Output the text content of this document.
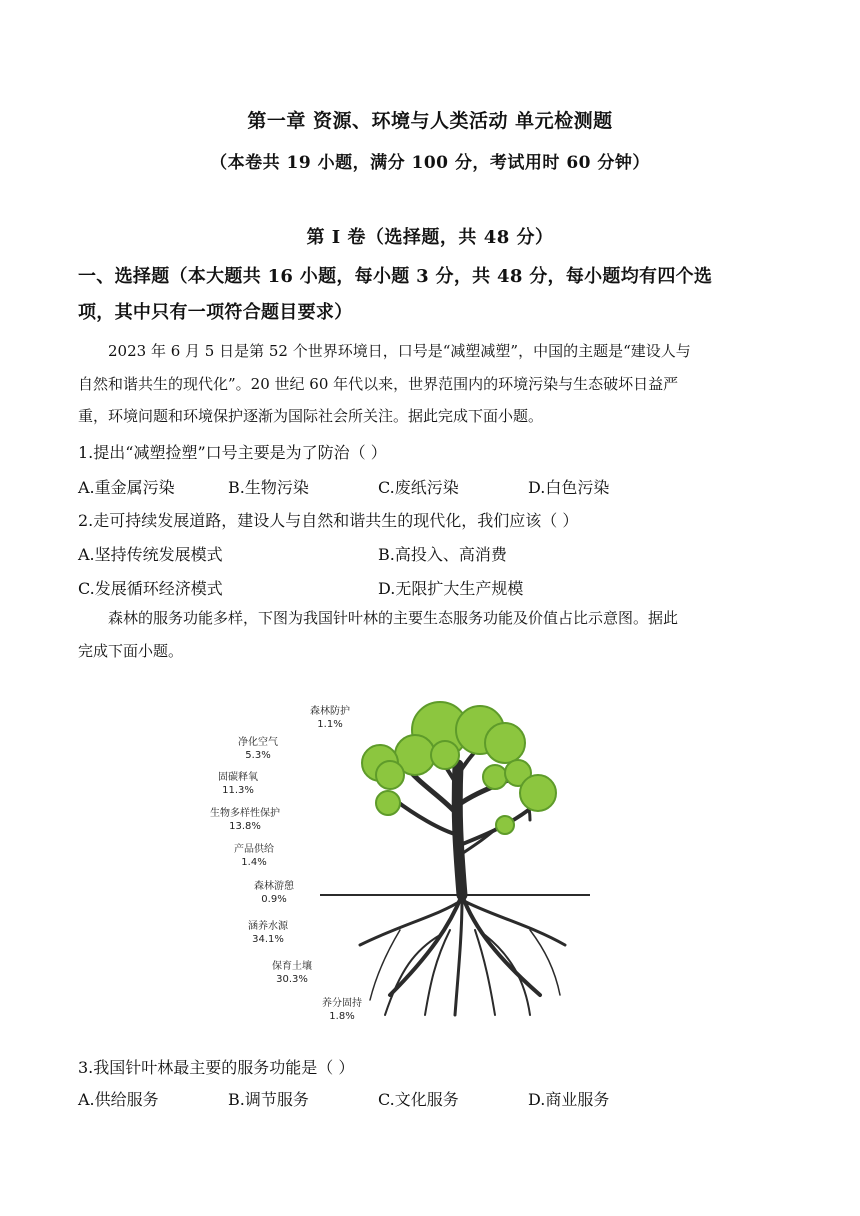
第一章 资源、环境与人类活动 单元检测题
（本卷共 19 小题，满分 100 分，考试用时 60 分钟）
第 I 卷（选择题，共 48 分）
一、选择题（本大题共 16 小题，每小题 3 分，共 48 分，每小题均有四个选
项，其中只有一项符合题目要求）
2023 年 6 月 5 日是第 52 个世界环境日，口号是“减塑减塑”，中国的主题是“建设人与
自然和谐共生的现代化”。20 世纪 60 年代以来，世界范围内的环境污染与生态破坏日益严
重，环境问题和环境保护逐渐为国际社会所关注。据此完成下面小题。
1.提出“减塑捡塑”口号主要是为了防治（ ）
A.重金属污染	B.生物污染	C.废纸污染	D.白色污染
2.走可持续发展道路，建设人与自然和谐共生的现代化，我们应该（ ）
A.坚持传统发展模式	B.高投入、高消费
C.发展循环经济模式	D.无限扩大生产规模
森林的服务功能多样，下图为我国针叶林的主要生态服务功能及价值占比示意图。据此
完成下面小题。
森林防护
1.1%
净化空气
5.3%
固碳释氧
11.3%
生物多样性保护
13.8%
产品供给
1.4%
森林游憩
0.9%
涵养水源
34.1%
保育土壤
30.3%
养分固持
1.8%
3.我国针叶林最主要的服务功能是（ ）
A.供给服务	B.调节服务	C.文化服务	D.商业服务
